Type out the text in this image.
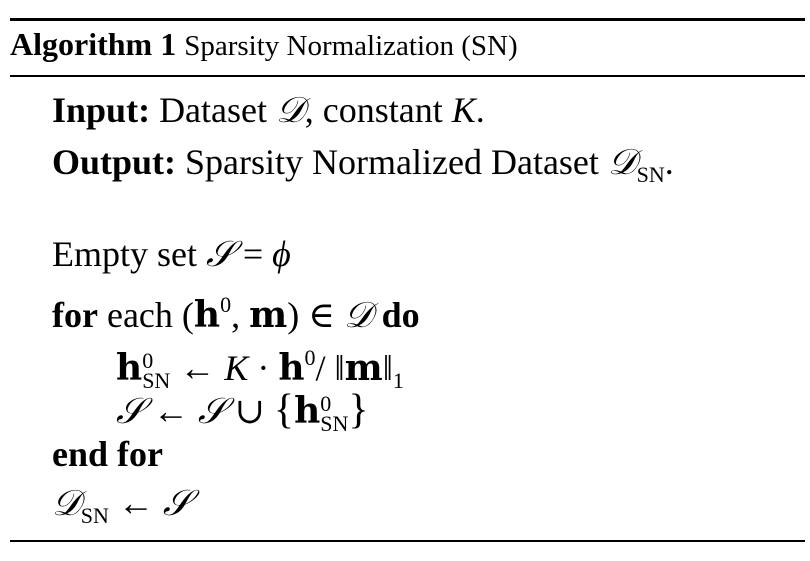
Algorithm 1 Sparsity Normalization (SN)
Input: Dataset 𝒟, constant K.
Output: Sparsity Normalized Dataset 𝒟$_{SN}$.
Empty set 𝒮 = ϕ
for each ($h^0$, m) ∈ 𝒟 do
h 0
SN ← $K \cdot h^0/$ $‖m‖_1$
𝒮 ← 𝒮 ∪ {h 0
SN }
end for
𝒟$_{SN}$ ← 𝒮
